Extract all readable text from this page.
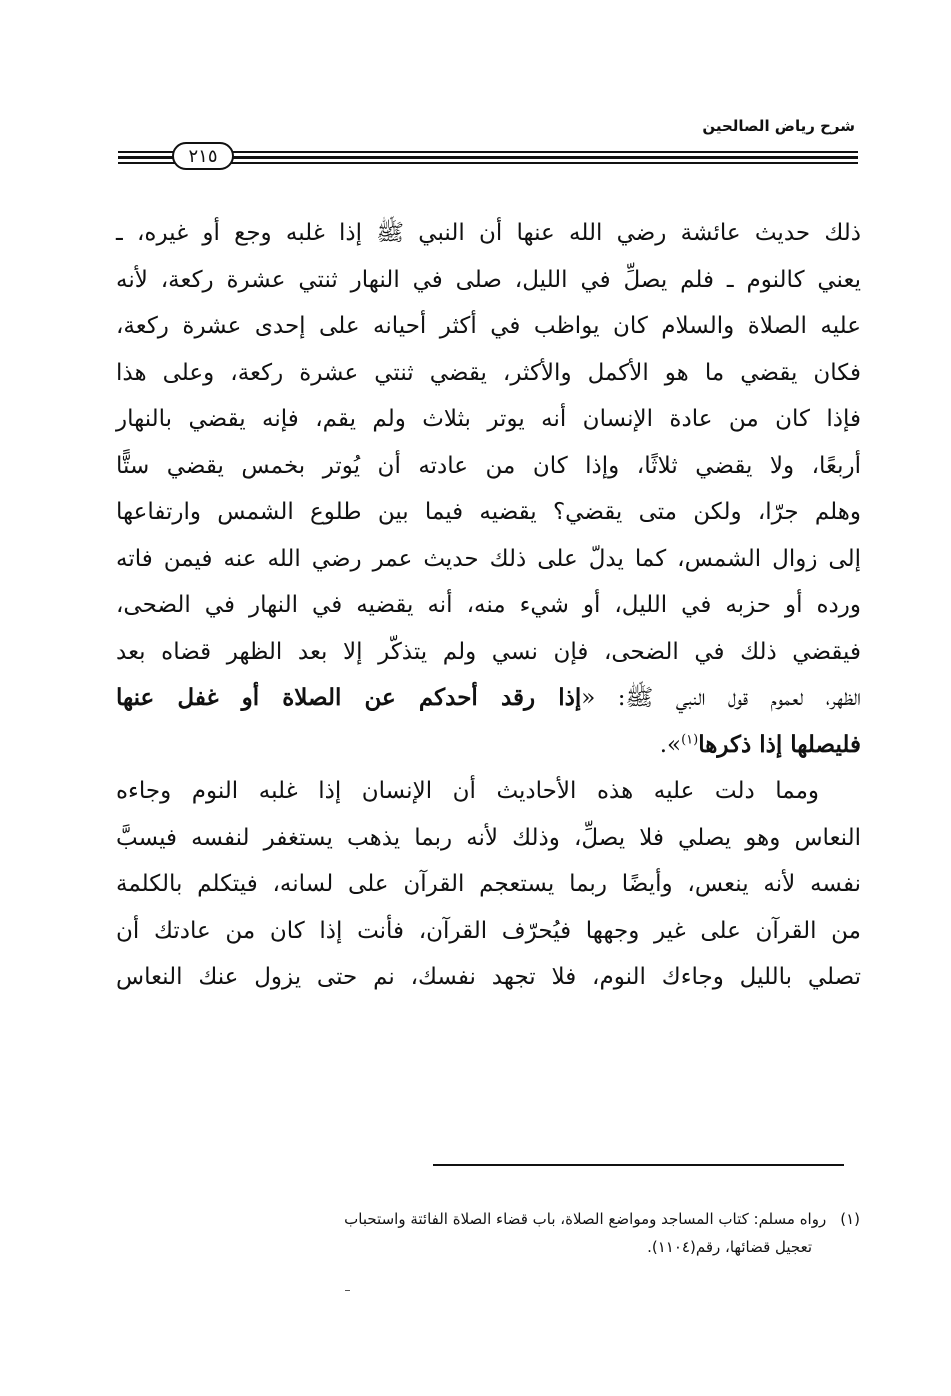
شرح رياض الصالحين
٢١٥

ذلك حديث عائشة رضي الله عنها أن النبي ﷺ إذا غلبه وجع أو غيره، ـ

يعني كالنوم ـ فلم يصلِّ في الليل، صلى في النهار ثنتي عشرة ركعة، لأنه

عليه الصلاة والسلام كان يواظب في أكثر أحيانه على إحدى عشرة ركعة،

فكان يقضي ما هو الأكمل والأكثر، يقضي ثنتي عشرة ركعة، وعلى هذا

فإذا كان من عادة الإنسان أنه يوتر بثلاث ولم يقم، فإنه يقضي بالنهار

أربعًا، ولا يقضي ثلاثًا، وإذا كان من عادته أن يُوتر بخمس يقضي ستًّا

وهلم جرّا، ولكن متى يقضي؟ يقضيه فيما بين طلوع الشمس وارتفاعها

إلى زوال الشمس، كما يدلّ على ذلك حديث عمر رضي الله عنه فيمن فاته

ورده أو حزبه في الليل، أو شيء منه، أنه يقضيه في النهار في الضحى،

فيقضي ذلك في الضحى، فإن نسي ولم يتذكّر إلا بعد الظهر قضاه بعد

الظهر، لعموم قول النبي ﷺ: «إذا رقد أحدكم عن الصلاة أو غفل عنها

فليصلها إذا ذكرها$^{(١)}$».

ومما دلت عليه هذه الأحاديث أن الإنسان إذا غلبه النوم وجاءه

النعاس وهو يصلي فلا يصلِّ، وذلك لأنه ربما يذهب يستغفر لنفسه فيسبَّ

نفسه لأنه ينعس، وأيضًا ربما يستعجم القرآن على لسانه، فيتكلم بالكلمة

من القرآن على غير وجهها فيُحرّف القرآن، فأنت إذا كان من عادتك أن

تصلي بالليل وجاءك النوم، فلا تجهد نفسك، نم حتى يزول عنك النعاس

(١)رواه مسلم: كتاب المساجد ومواضع الصلاة، باب قضاء الصلاة الفائتة واستحباب
تعجيل قضائها، رقم(١١٠٤).
